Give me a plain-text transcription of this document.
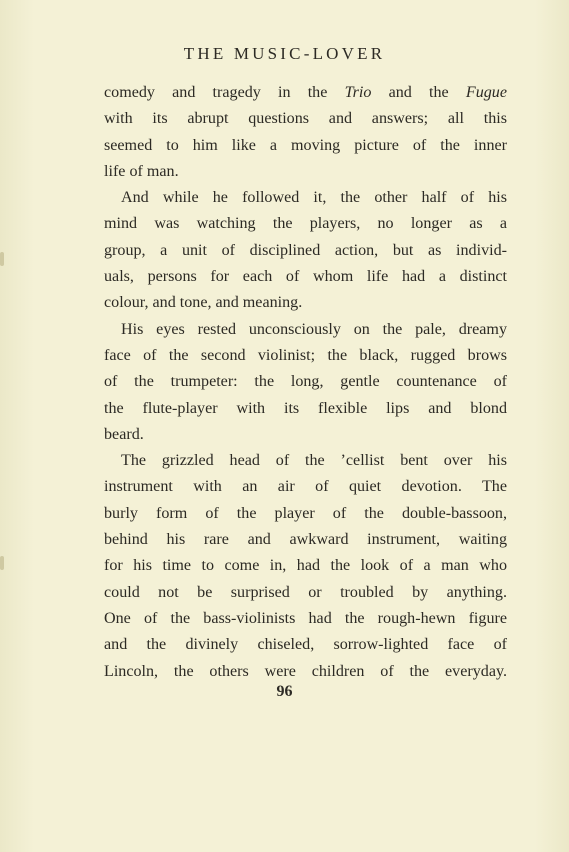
THE MUSIC-LOVER
comedy and tragedy in the Trio and the Fugue
with its abrupt questions and answers; all this
seemed to him like a moving picture of the inner
life of man.
And while he followed it, the other half of his
mind was watching the players, no longer as a
group, a unit of disciplined action, but as individ-
uals, persons for each of whom life had a distinct
colour, and tone, and meaning.
His eyes rested unconsciously on the pale, dreamy
face of the second violinist; the black, rugged brows
of the trumpeter: the long, gentle countenance of
the flute-player with its flexible lips and blond
beard.
The grizzled head of the ’cellist bent over his
instrument with an air of quiet devotion. The
burly form of the player of the double-bassoon,
behind his rare and awkward instrument, waiting
for his time to come in, had the look of a man who
could not be surprised or troubled by anything.
One of the bass-violinists had the rough-hewn figure
and the divinely chiseled, sorrow-lighted face of
Lincoln, the others were children of the everyday.
96
